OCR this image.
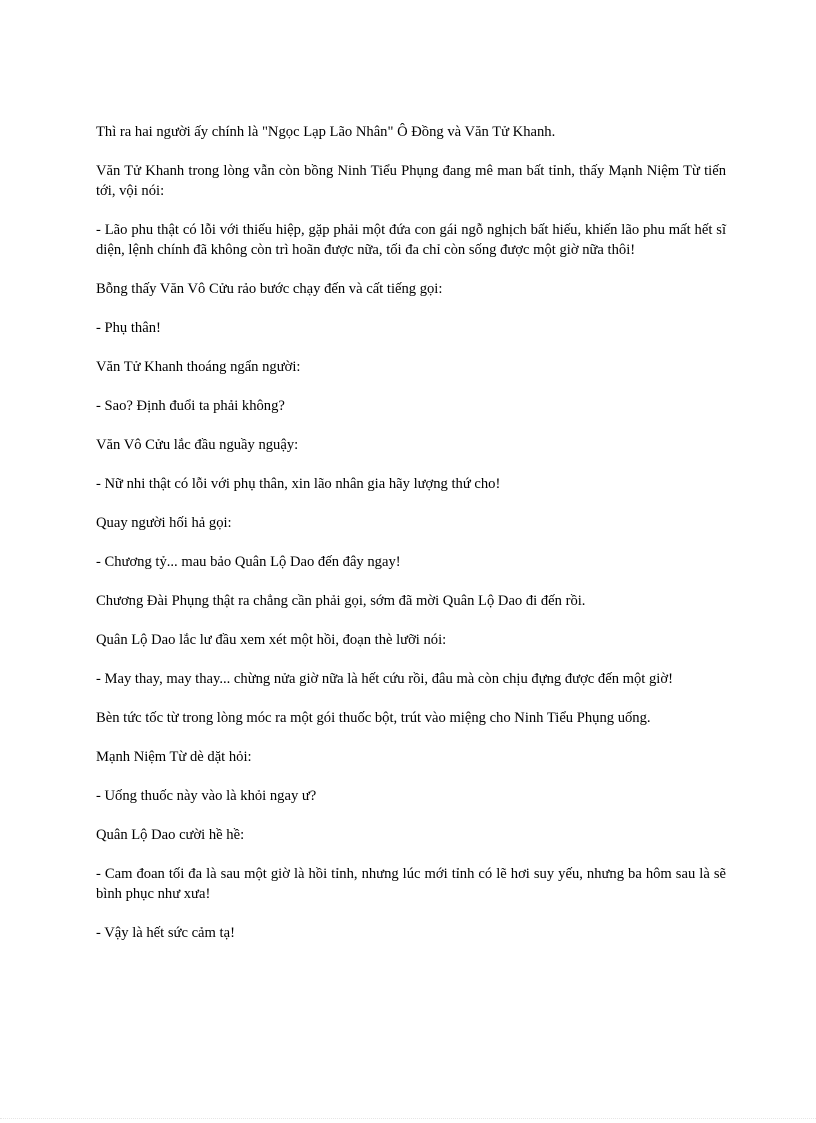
Thì ra hai người ấy chính là "Ngọc Lạp Lão Nhân" Ô Đồng và Văn Tử Khanh.

Văn Tử Khanh trong lòng vẫn còn bồng Ninh Tiểu Phụng đang mê man bất tỉnh, thấy Mạnh Niệm Từ tiến tới, vội nói:

- Lão phu thật có lỗi với thiếu hiệp, gặp phải một đứa con gái ngỗ nghịch bất hiếu, khiến lão phu mất hết sĩ diện, lệnh chính đã không còn trì hoãn được nữa, tối đa chỉ còn sống được một giờ nữa thôi!

Bỗng thấy Văn Vô Cửu rảo bước chạy đến và cất tiếng gọi:

- Phụ thân!

Văn Tử Khanh thoáng ngẩn người:

- Sao? Định đuổi ta phải không?

Văn Vô Cửu lắc đầu nguầy nguậy:

- Nữ nhi thật có lỗi với phụ thân, xin lão nhân gia hãy lượng thứ cho!

Quay người hối hả gọi:

- Chương tỷ... mau bảo Quân Lộ Dao đến đây ngay!

Chương Đài Phụng thật ra chẳng cần phải gọi, sớm đã mời Quân Lộ Dao đi đến rồi.

Quân Lộ Dao lắc lư đầu xem xét một hồi, đoạn thè lưỡi nói:

- May thay, may thay... chừng nửa giờ nữa là hết cứu rồi, đâu mà còn chịu đựng được đến một giờ!

Bèn tức tốc từ trong lòng móc ra một gói thuốc bột, trút vào miệng cho Ninh Tiểu Phụng uống.

Mạnh Niệm Từ dè dặt hỏi:

- Uống thuốc này vào là khỏi ngay ư?

Quân Lộ Dao cười hề hề:

- Cam đoan tối đa là sau một giờ là hồi tỉnh, nhưng lúc mới tỉnh có lẽ hơi suy yếu, nhưng ba hôm sau là sẽ bình phục như xưa!

- Vậy là hết sức cảm tạ!
